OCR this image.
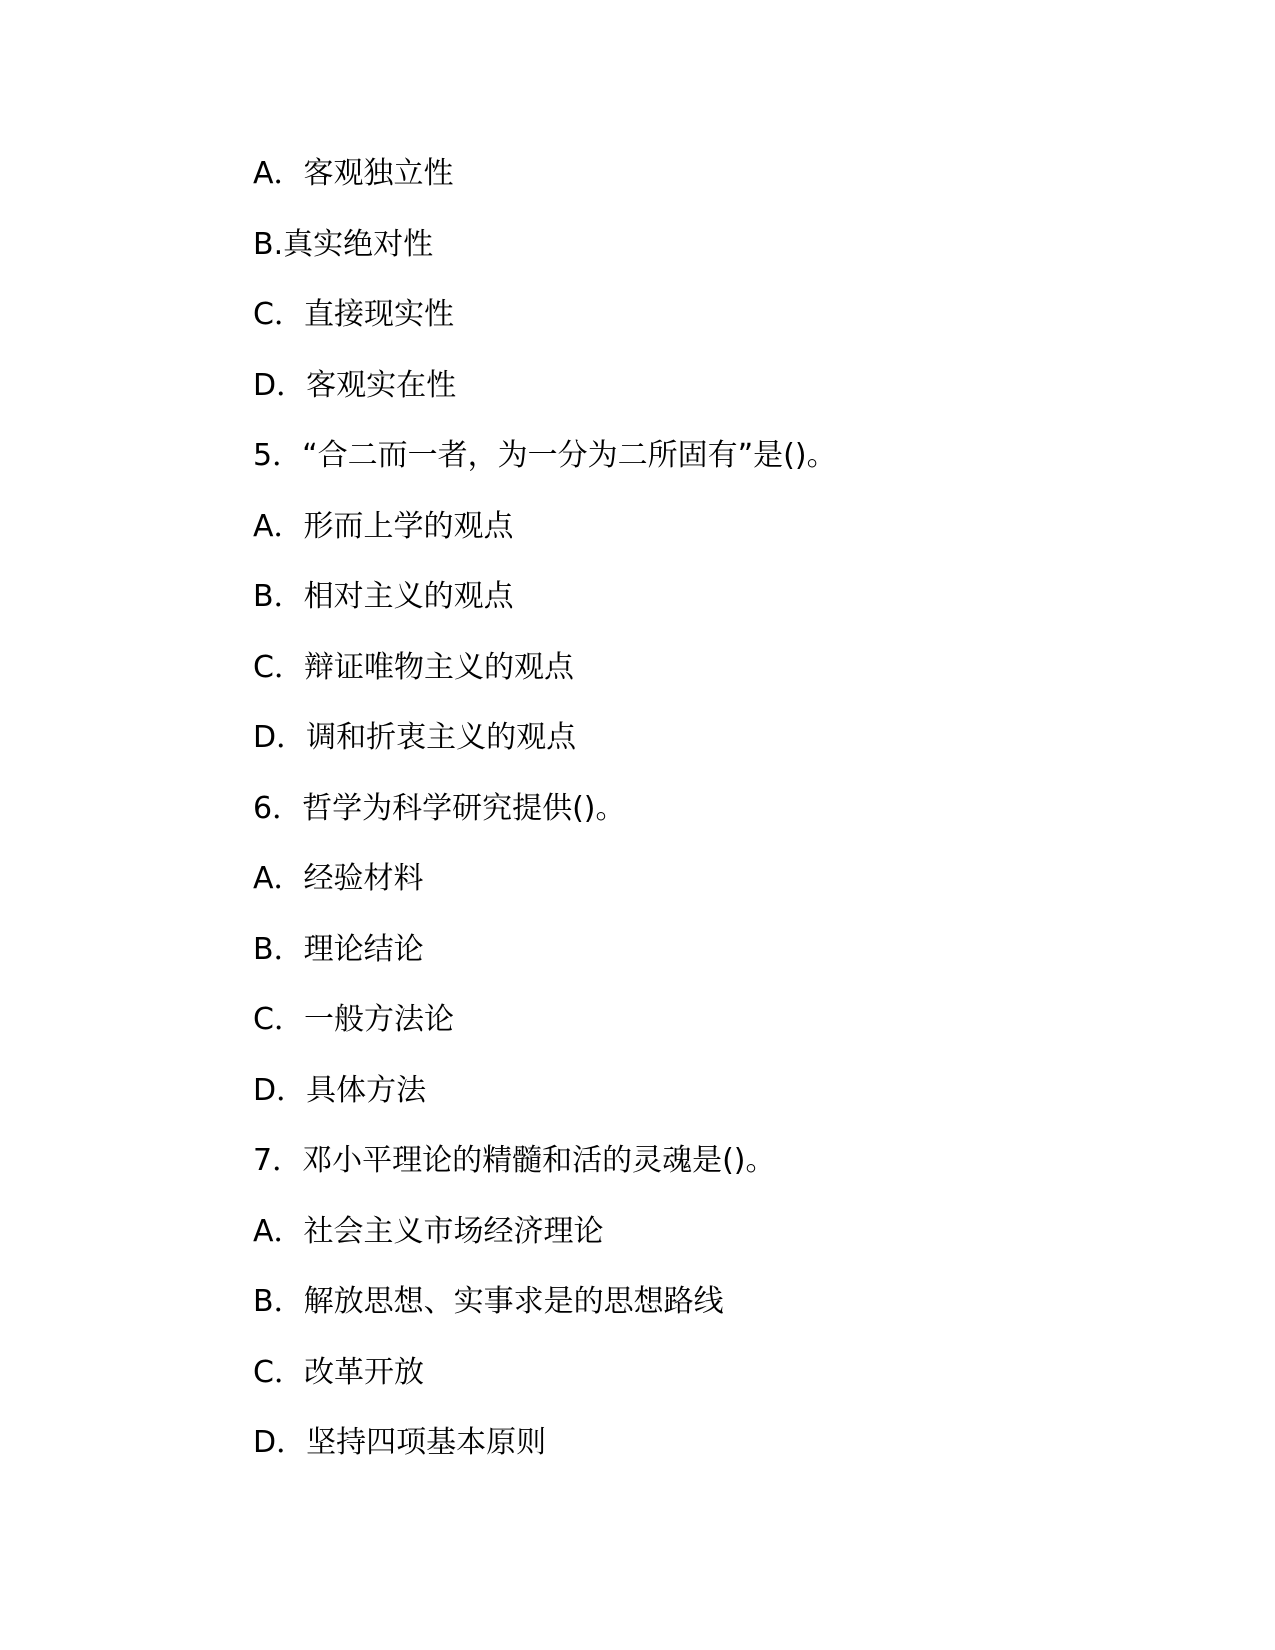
A．客观独立性
B.真实绝对性
C．直接现实性
D．客观实在性
5．“合二而一者，为一分为二所固有”是()。
A．形而上学的观点
B．相对主义的观点
C．辩证唯物主义的观点
D．调和折衷主义的观点
6．哲学为科学研究提供()。
A．经验材料
B．理论结论
C．一般方法论
D．具体方法
7．邓小平理论的精髓和活的灵魂是()。
A．社会主义市场经济理论
B．解放思想、实事求是的思想路线
C．改革开放
D．坚持四项基本原则
